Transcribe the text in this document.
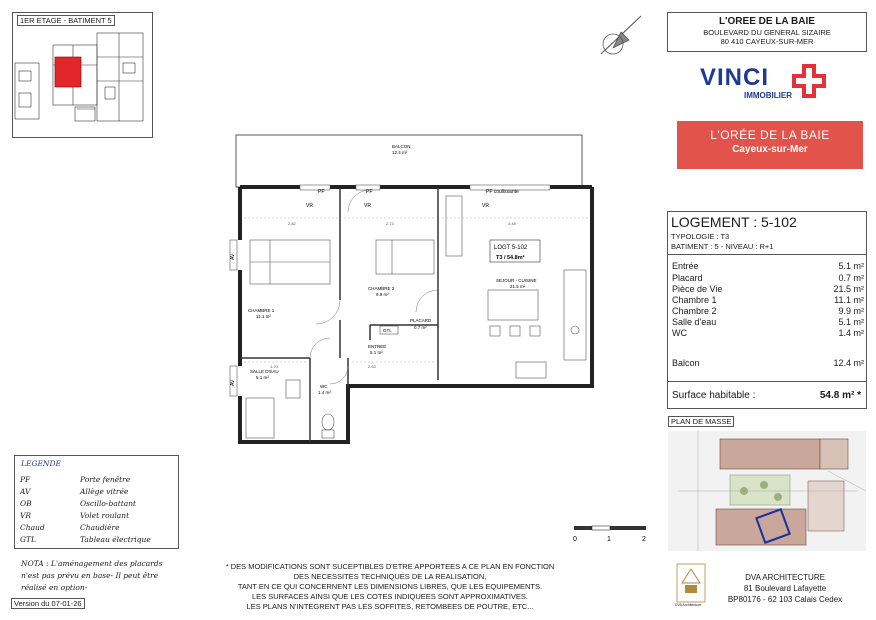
1ER ETAGE - BATIMENT 5	L'OREE DE LA BAIE
BOULEVARD DU GENERAL SIZAIRE
80 410 CAYEUX-SUR-MER
VINCI
IMMOBILIER
L'ORÉE DE LA BAIE
Cayeux-sur-Mer
LOGEMENT : 5-102
TYPOLOGIE : T3
BATIMENT : 5 - NIVEAU : R+1
Entrée	5.1 m²
Placard	0.7 m²
Pièce de Vie	21.5 m²
Chambre 1	11.1 m²
Chambre 2	9.9 m²
Salle d'eau	5.1 m²
WC	1.4 m²
Balcon	12.4 m²
Surface habitable :	54.8 m² *
PLAN DE MASSE
DVA Architecture
DVA ARCHITECTURE
81 Boulevard Lafayette
BP80176 - 62 103 Calais Cedex
LEGENDE
PF	Porte fenêtre
AV	Allège vitrée
OB	Oscillo-battant
VR	Volet roulant
Chaud	Chaudière
GTL	Tableau électrique
NOTA : L'aménagement des placards
n'est pas prévu en base- Il peut être
réalisé en option-
Version du 07-01-26
* DES MODIFICATIONS SONT SUCEPTIBLES D'ETRE APPORTEES A CE PLAN EN FONCTION
DES NECESSITES TECHNIQUES DE LA REALISATION,
TANT EN CE QUI CONCERNENT LES DIMENSIONS LIBRES, QUE LES EQUIPEMENTS.
LES SURFACES AINSI QUE LES COTES INDIQUEES SONT APPROXIMATIVES.
LES PLANS N'INTEGRENT PAS LES SOFFITES, RETOMBEES DE POUTRE, ETC...
0	1	2
BALCON
12.4 m²
PF	PF	PF coulissante
VR	VR	VR
AV
AV
2.82	2.73	4.48
1.70	2.63
LOGT 5-102
T3 / 54.8m²
CHAMBRE 1
11.1 m²
CHAMBRE 2
9.9 m²
SEJOUR - CUISINE
21.5 m²
ENTREE
5.1 m²
PLACARD
0.7 m²
GTL
SALLE D'EAU
5.1 m²
WC
1.4 m²
